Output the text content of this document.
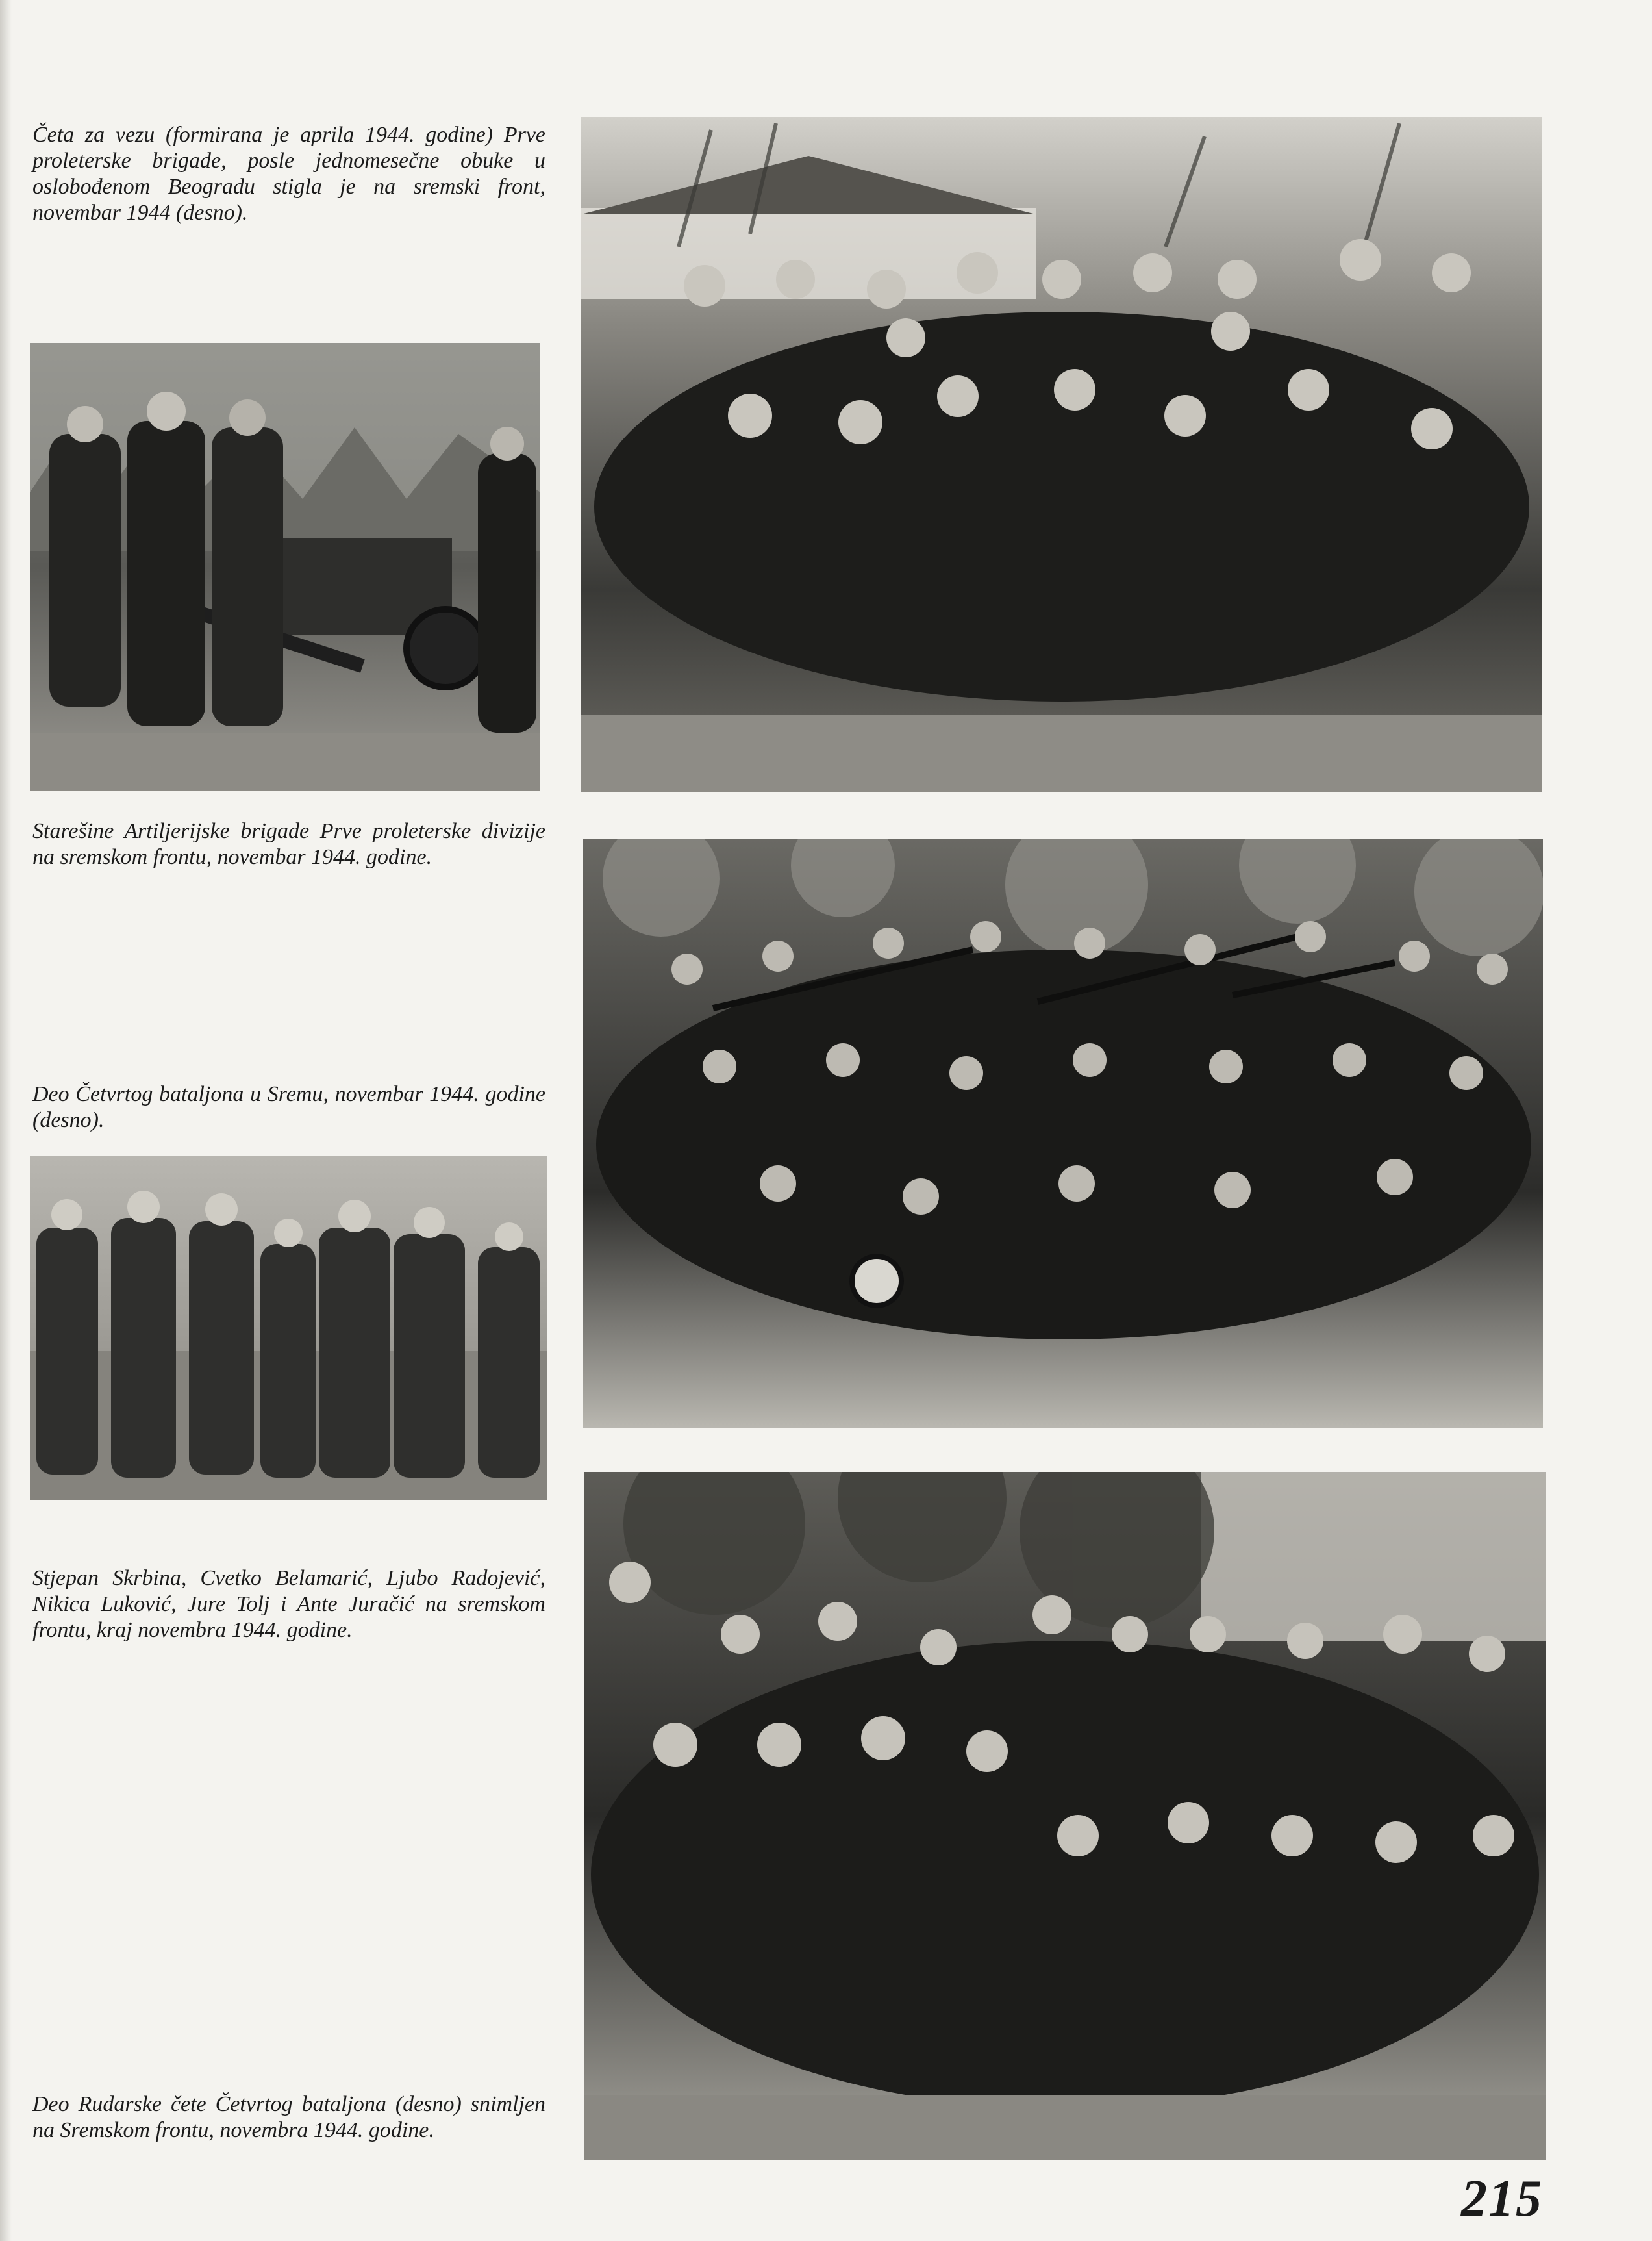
Četa za vezu (formirana je aprila 1944. godine) Prve proleterske brigade, posle jednomesečne obuke u oslobođenom Beogradu stigla je na sremski front, novembar 1944 (desno).
Starešine Artiljerijske brigade Prve proleterske divizije na sremskom frontu, novembar 1944. godine.
Deo Četvrtog bataljona u Sremu, novembar 1944. godine (desno).
Stjepan Skrbina, Cvetko Belamarić, Ljubo Radojević, Nikica Luković, Jure Tolj i Ante Juračić na sremskom frontu, kraj novembra 1944. godine.
Deo Rudarske čete Četvrtog bataljona (desno) snimljen na Sremskom frontu, novembra 1944. godine.
215
